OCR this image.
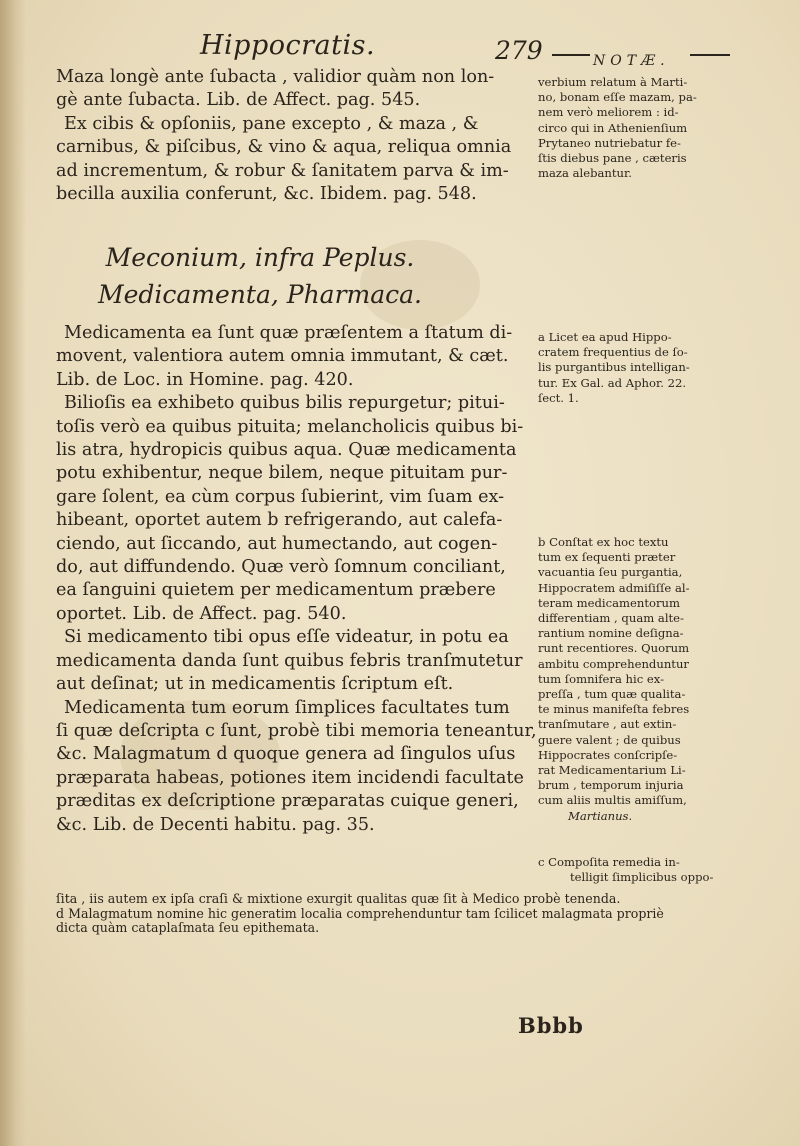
Hippocratis.	279	NOTÆ.
Maza longè ante ſubacta , validior quàm non lon-
gè ante ſubacta. Lib. de Affect. pag. 545.
Ex cibis & opſoniis, pane excepto , & maza , &
carnibus, & piſcibus, & vino & aqua, reliqua omnia
ad incrementum, & robur & ſanitatem parva & im-
becilla auxilia conferunt, &c. Ibidem. pag. 548.
Meconium, infra Peplus.
Medicamenta, Pharmaca.
Medicamenta ea ſunt quæ præſentem a ſtatum di-
movent, valentiora autem omnia immutant, & cæt.
Lib. de Loc. in Homine. pag. 420.
Bilioſis ea exhibeto quibus bilis repurgetur; pitui-
toſis verò ea quibus pituita; melancholicis quibus bi-
lis atra, hydropicis quibus aqua. Quæ medicamenta
potu exhibentur, neque bilem, neque pituitam pur-
gare ſolent, ea cùm corpus ſubierint, vim ſuam ex-
hibeant, oportet autem b refrigerando, aut calefa-
ciendo, aut ſiccando, aut humectando, aut cogen-
do, aut diffundendo. Quæ verò ſomnum conciliant,
ea ſanguini quietem per medicamentum præbere
oportet. Lib. de Affect. pag. 540.
Si medicamento tibi opus eſſe videatur, in potu ea
medicamenta danda ſunt quibus febris tranſmutetur
aut deſinat; ut in medicamentis ſcriptum eſt.
Medicamenta tum eorum ſimplices facultates tum
ſi quæ deſcripta c ſunt, probè tibi memoria teneantur,
&c. Malagmatum d quoque genera ad ſingulos uſus
præparata habeas, potiones item incidendi facultate
præditas ex deſcriptione præparatas cuique generi,
&c. Lib. de Decenti habitu. pag. 35.
verbium relatum à Marti-
no, bonam eſſe mazam, pa-
nem verò meliorem : id-
circo qui in Athenienſium
Prytaneo nutriebatur fe-
ſtis diebus pane , cæteris
maza alebantur.
a Licet ea apud Hippo-
cratem frequentius de ſo-
lis purgantibus intelligan-
tur. Ex Gal. ad Aphor. 22.
ſect. 1.
b Conſtat ex hoc textu
tum ex ſequenti præter
vacuantia ſeu purgantia,
Hippocratem admiſiſſe al-
teram medicamentorum
differentiam , quam alte-
rantium nomine deſigna-
runt recentiores. Quorum
ambitu comprehenduntur
tum ſomnifera hic ex-
preſſa , tum quæ qualita-
te minus manifeſta febres
tranſmutare , aut extin-
guere valent ; de quibus
Hippocrates conſcripſe-
rat Medicamentarium Li-
brum , temporum injuria
cum aliis multis amiſſum,
Martianus.
c Compoſita remedia in-
telligit ſimplicibus oppo-
ſita , iis autem ex ipſa craſi & mixtione exurgit qualitas quæ ſit à Medico probè tenenda.
d Malagmatum nomine hic generatim localia comprehenduntur tam ſcilicet malagmata propriè
dicta quàm cataplaſmata ſeu epithemata.
Bbbb
